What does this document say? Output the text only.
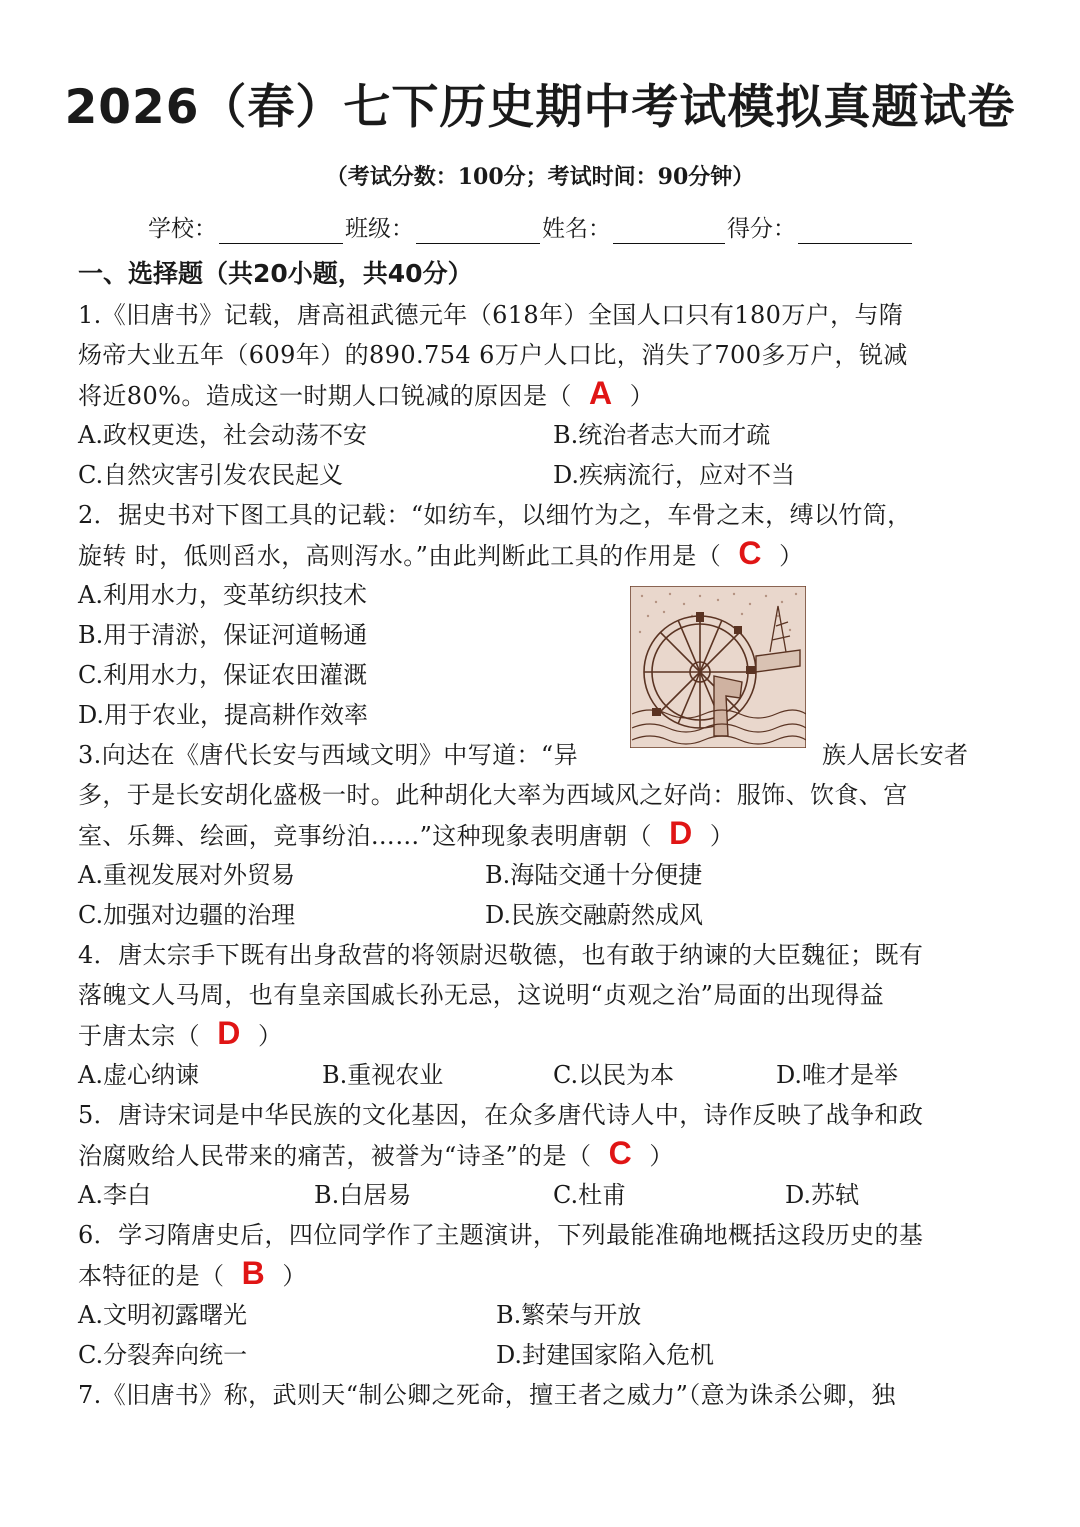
2026（春）七下历史期中考试模拟真题试卷
（考试分数：100分；考试时间：90分钟）
学校：	班级：	姓名：	得分：
一、选择题（共20小题，共40分）
1.《旧唐书》记载，唐高祖武德元年（618年）全国人口只有180万户，与隋
炀帝大业五年（609年）的890.754 6万户人口比，消失了700多万户，锐减
将近80%。造成这一时期人口锐减的原因是（ A ）
A.政权更迭，社会动荡不安	B.统治者志大而才疏
C.自然灾害引发农民起义	D.疾病流行，应对不当
2．据史书对下图工具的记载：“如纺车，以细竹为之，车骨之末，缚以竹筒，
旋转 时，低则舀水，高则泻水。”由此判断此工具的作用是（ C ）
A.利用水力，变革纺织技术
B.用于清淤，保证河道畅通
C.利用水力，保证农田灌溉
D.用于农业，提高耕作效率
3.向达在《唐代长安与西域文明》中写道：“异	族人居长安者
多，于是长安胡化盛极一时。此种胡化大率为西域风之好尚：服饰、饮食、宫
室、乐舞、绘画，竞事纷泊……”这种现象表明唐朝（ D ）
A.重视发展对外贸易	B.海陆交通十分便捷
C.加强对边疆的治理	D.民族交融蔚然成风
4．唐太宗手下既有出身敌营的将领尉迟敬德，也有敢于纳谏的大臣魏征；既有
落魄文人马周，也有皇亲国戚长孙无忌，这说明“贞观之治”局面的出现得益
于唐太宗（ D ）
A.虚心纳谏	B.重视农业	C.以民为本	D.唯才是举
5．唐诗宋词是中华民族的文化基因，在众多唐代诗人中，诗作反映了战争和政
治腐败给人民带来的痛苦，被誉为“诗圣”的是（ C ）
A.李白	B.白居易	C.杜甫	D.苏轼
6．学习隋唐史后，四位同学作了主题演讲，下列最能准确地概括这段历史的基
本特征的是（ B ）
A.文明初露曙光	B.繁荣与开放
C.分裂奔向统一	D.封建国家陷入危机
7.《旧唐书》称，武则天“制公卿之死命，擅王者之威力”（意为诛杀公卿，独
